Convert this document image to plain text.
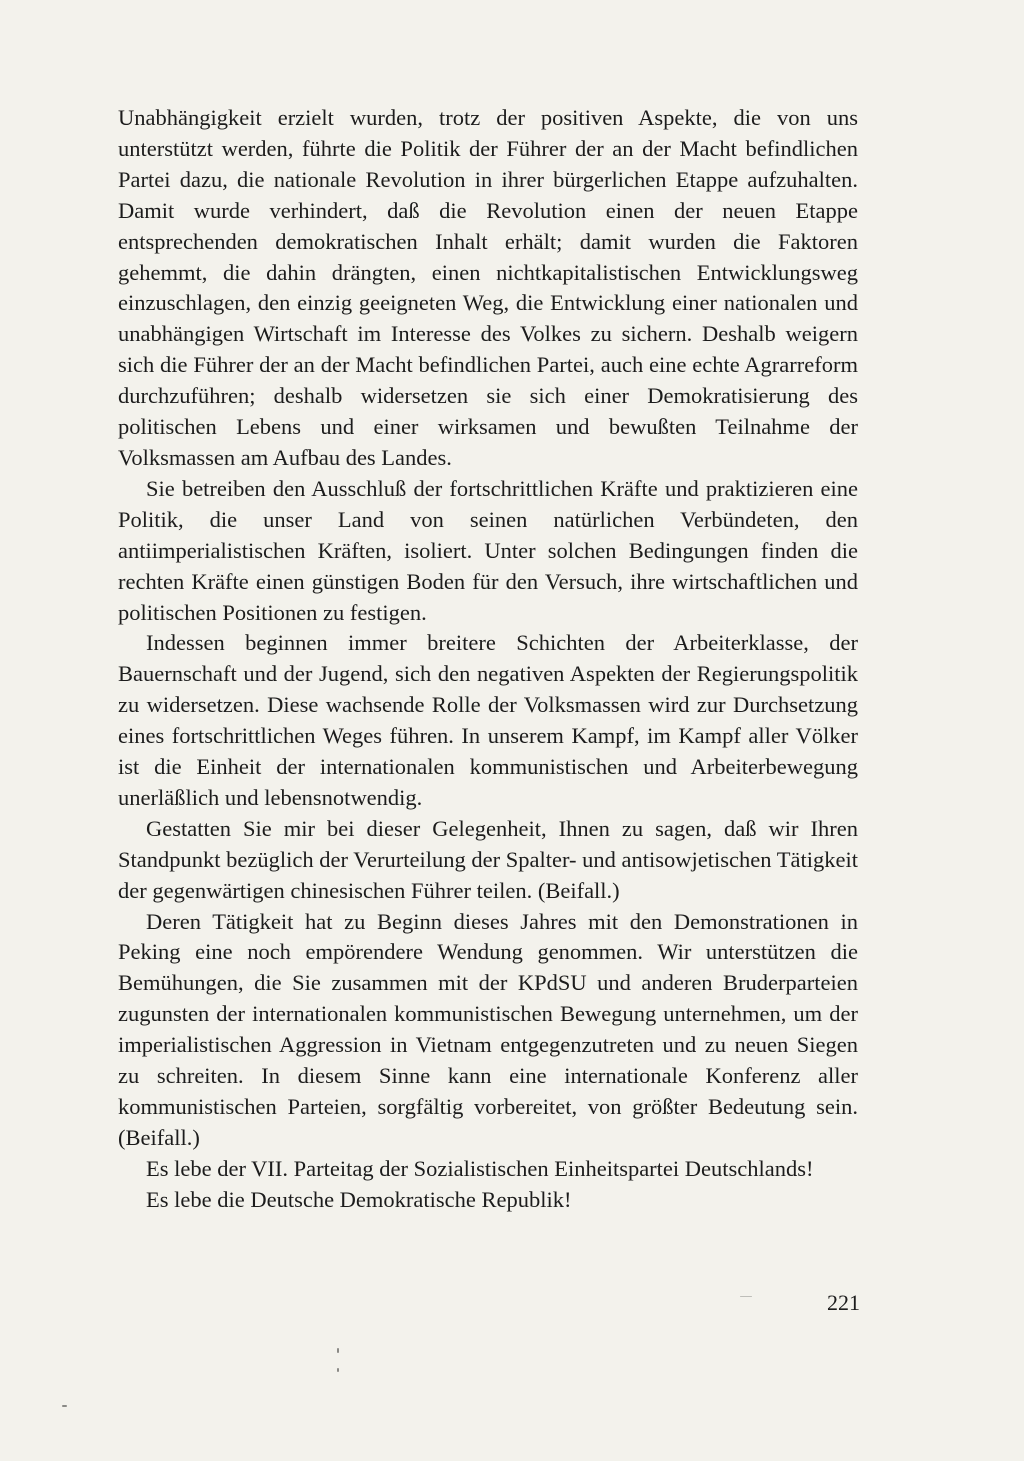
Unabhängigkeit erzielt wurden, trotz der positiven Aspekte, die von uns unterstützt werden, führte die Politik der Führer der an der Macht befindlichen Partei dazu, die nationale Revolution in ihrer bürgerlichen Etappe aufzuhalten. Damit wurde verhindert, daß die Revolution einen der neuen Etappe entsprechenden demokratischen Inhalt erhält; damit wurden die Faktoren gehemmt, die dahin drängten, einen nichtkapitalistischen Entwicklungsweg einzuschlagen, den einzig geeigneten Weg, die Entwicklung einer nationalen und unabhängigen Wirtschaft im Interesse des Volkes zu sichern. Deshalb weigern sich die Führer der an der Macht befindlichen Partei, auch eine echte Agrarreform durchzuführen; deshalb widersetzen sie sich einer Demokratisierung des politischen Lebens und einer wirksamen und bewußten Teilnahme der Volksmassen am Aufbau des Landes.

Sie betreiben den Ausschluß der fortschrittlichen Kräfte und praktizieren eine Politik, die unser Land von seinen natürlichen Verbündeten, den antiimperialistischen Kräften, isoliert. Unter solchen Bedingungen finden die rechten Kräfte einen günstigen Boden für den Versuch, ihre wirtschaftlichen und politischen Positionen zu festigen.

Indessen beginnen immer breitere Schichten der Arbeiterklasse, der Bauernschaft und der Jugend, sich den negativen Aspekten der Regierungspolitik zu widersetzen. Diese wachsende Rolle der Volksmassen wird zur Durchsetzung eines fortschrittlichen Weges führen. In unserem Kampf, im Kampf aller Völker ist die Einheit der internationalen kommunistischen und Arbeiterbewegung unerläßlich und lebensnotwendig.

Gestatten Sie mir bei dieser Gelegenheit, Ihnen zu sagen, daß wir Ihren Standpunkt bezüglich der Verurteilung der Spalter- und antisowjetischen Tätigkeit der gegenwärtigen chinesischen Führer teilen. (Beifall.)

Deren Tätigkeit hat zu Beginn dieses Jahres mit den Demonstrationen in Peking eine noch empörendere Wendung genommen. Wir unterstützen die Bemühungen, die Sie zusammen mit der KPdSU und anderen Bruderparteien zugunsten der internationalen kommunistischen Bewegung unternehmen, um der imperialistischen Aggression in Vietnam entgegenzutreten und zu neuen Siegen zu schreiten. In diesem Sinne kann eine internationale Konferenz aller kommunistischen Parteien, sorgfältig vorbereitet, von größter Bedeutung sein. (Beifall.)

Es lebe der VII. Parteitag der Sozialistischen Einheitspartei Deutschlands!

Es lebe die Deutsche Demokratische Republik!

221
